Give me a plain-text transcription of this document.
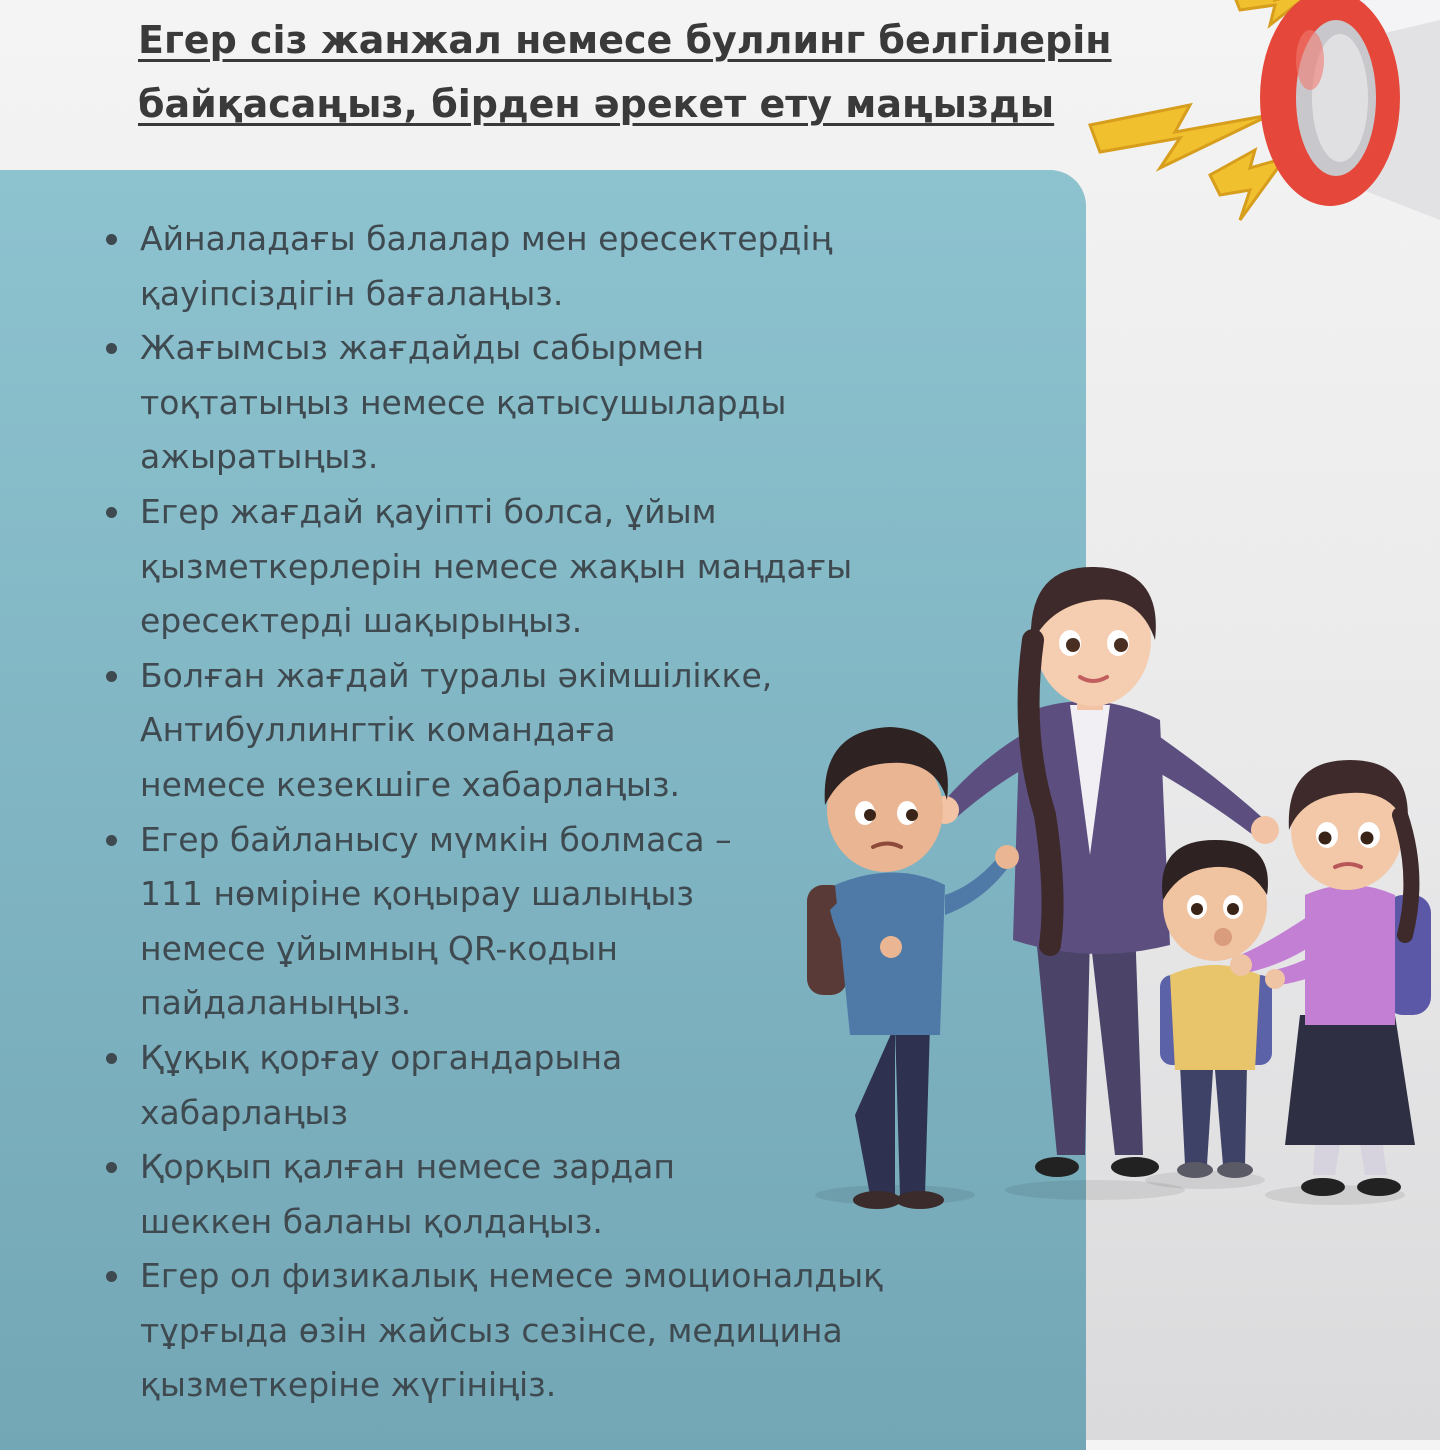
Егер сіз жанжал немесе буллинг белгілерін
байқасаңыз, бірден әрекет ету маңызды
Айналадағы балалар мен ересектердің
қауіпсіздігін бағалаңыз.
Жағымсыз жағдайды сабырмен
тоқтатыңыз немесе қатысушыларды
ажыратыңыз.
Егер жағдай қауіпті болса, ұйым
қызметкерлерін немесе жақын маңдағы
ересектерді шақырыңыз.
Болған жағдай туралы әкімшілікке,
Антибуллингтік командаға
немесе кезекшіге хабарлаңыз.
Егер байланысу мүмкін болмаса –
111 нөміріне қоңырау шалыңыз
немесе ұйымның QR-кодын
пайдаланыңыз.
Құқық қорғау органдарына
хабарлаңыз
Қорқып қалған немесе зардап
шеккен баланы қолдаңыз.
Егер ол физикалық немесе эмоционалдық
тұрғыда өзін жайсыз сезінсе, медицина
қызметкеріне жүгініңіз.
